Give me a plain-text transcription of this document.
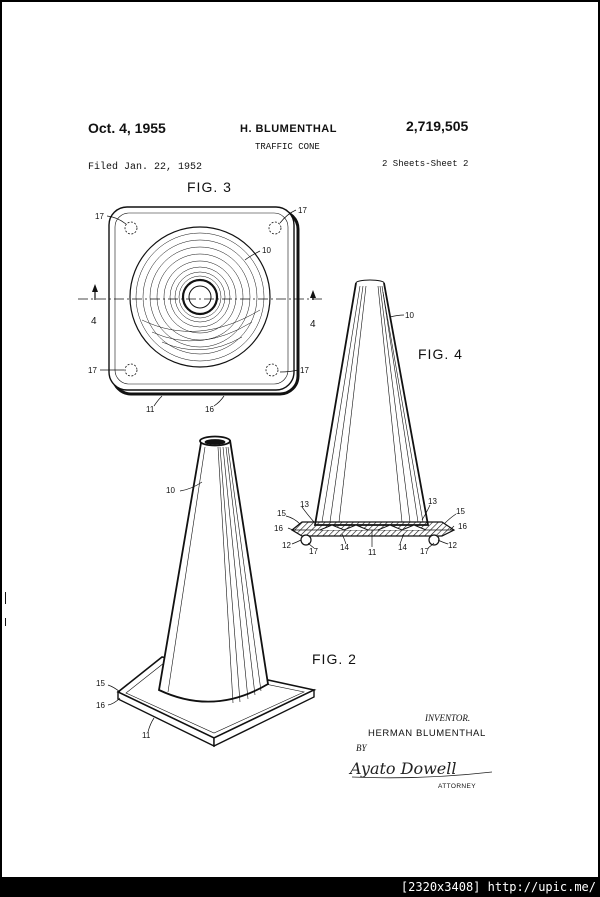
Oct. 4, 1955	H. BLUMENTHAL	2,719,505
TRAFFIC CONE
Filed Jan. 22, 1952	2 Sheets-Sheet 2
FIG. 3
17
17
10
4	4
17	17
11	16
FIG. 4
10
13	13
15	15
16	16
12	12
17	17
14	14
11
FIG. 2
10
15
16
11
INVENTOR.
HERMAN BLUMENTHAL
BY
Ayato Dowell
ATTORNEY
[2320x3408] http://upic.me/
